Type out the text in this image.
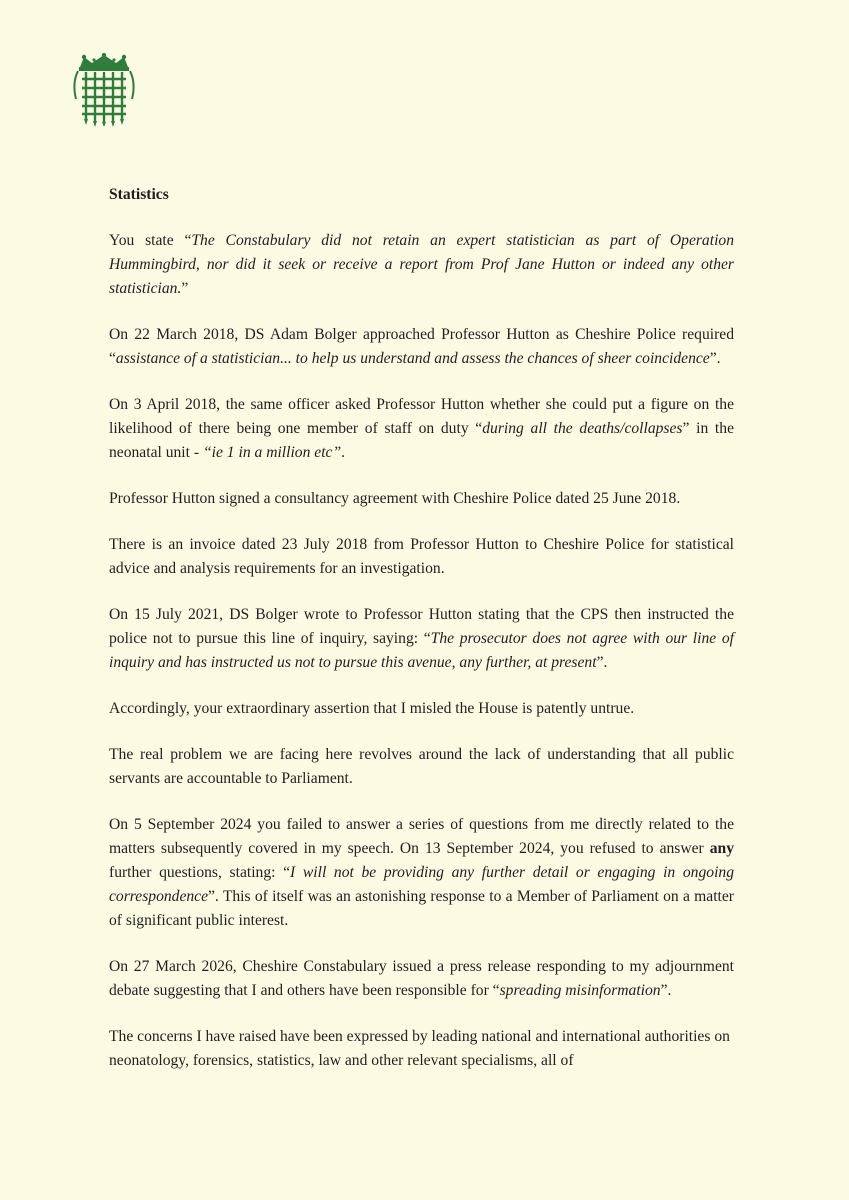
Statistics

You state “The Constabulary did not retain an expert statistician as part of Operation Hummingbird, nor did it seek or receive a report from Prof Jane Hutton or indeed any other statistician.”

On 22 March 2018, DS Adam Bolger approached Professor Hutton as Cheshire Police required “assistance of a statistician... to help us understand and assess the chances of sheer coincidence”.

On 3 April 2018, the same officer asked Professor Hutton whether she could put a figure on the likelihood of there being one member of staff on duty “during all the deaths/collapses” in the neonatal unit - “ie 1 in a million etc”.

Professor Hutton signed a consultancy agreement with Cheshire Police dated 25 June 2018.

There is an invoice dated 23 July 2018 from Professor Hutton to Cheshire Police for statistical advice and analysis requirements for an investigation.

On 15 July 2021, DS Bolger wrote to Professor Hutton stating that the CPS then instructed the police not to pursue this line of inquiry, saying: “The prosecutor does not agree with our line of inquiry and has instructed us not to pursue this avenue, any further, at present”.

Accordingly, your extraordinary assertion that I misled the House is patently untrue.

The real problem we are facing here revolves around the lack of understanding that all public servants are accountable to Parliament.

On 5 September 2024 you failed to answer a series of questions from me directly related to the matters subsequently covered in my speech. On 13 September 2024, you refused to answer any further questions, stating: “I will not be providing any further detail or engaging in ongoing correspondence”. This of itself was an astonishing response to a Member of Parliament on a matter of significant public interest.

On 27 March 2026, Cheshire Constabulary issued a press release responding to my adjournment debate suggesting that I and others have been responsible for “spreading misinformation”.

The concerns I have raised have been expressed by leading national and international authorities on neonatology, forensics, statistics, law and other relevant specialisms, all of
